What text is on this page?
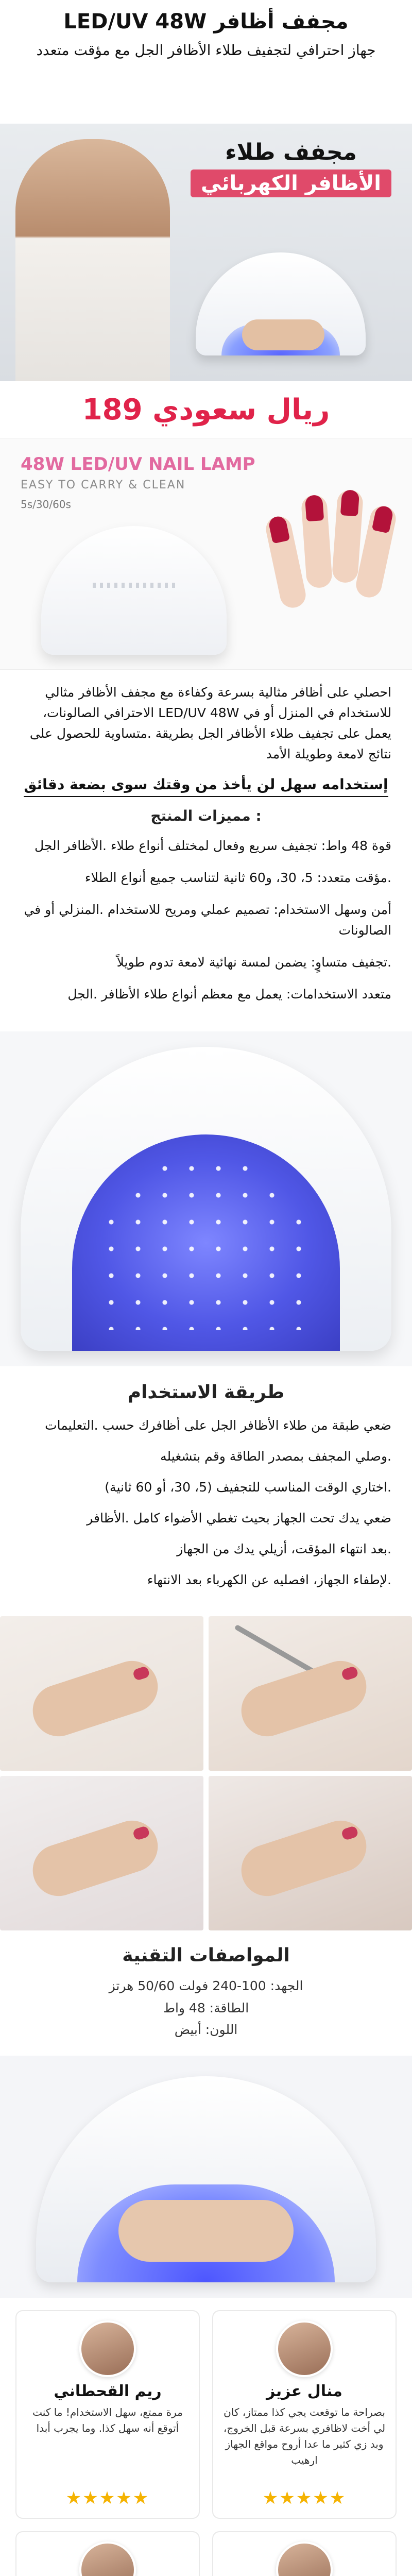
مجفف أظافر LED/UV 48W

جهاز احترافي لتجفيف طلاء الأظافر الجل مع مؤقت متعدد

مجفف طلاء
الأظافر الكهربائي
ريال سعودي 189
48W LED/UV NAIL LAMP
EASY TO CARRY & CLEAN
5s/30/60s

احصلي على أظافر مثالية بسرعة وكفاءة مع مجفف الأظافر مثالي للاستخدام في المنزل أو في LED/UV 48W الاحترافي الصالونات، يعمل على تجفيف طلاء الأظافر الجل بطريقة .متساوية للحصول على نتائج لامعة وطويلة الأمد

إستخدامه سهل لن يأخذ من وقتك سوى بضعة دقائق
: مميزات المنتج

قوة 48 واط: تجفيف سريع وفعال لمختلف أنواع طلاء .الأظافر الجل

.مؤقت متعدد: 5، 30، و60 ثانية لتناسب جميع أنواع الطلاء

أمن وسهل الاستخدام: تصميم عملي ومريح للاستخدام .المنزلي أو في الصالونات

.تجفيف متساوٍ: يضمن لمسة نهائية لامعة تدوم طويلاً

متعدد الاستخدامات: يعمل مع معظم أنواع طلاء الأظافر .الجل

طريقة الاستخدام

ضعي طبقة من طلاء الأظافر الجل على أظافرك حسب .التعليمات

.وصلي المجفف بمصدر الطاقة وقم بتشغيله

.اختاري الوقت المناسب للتجفيف (5، 30، أو 60 ثانية)

ضعي يدك تحت الجهاز بحيث تغطي الأضواء كامل .الأظافر

.بعد انتهاء المؤقت، أزيلي يدك من الجهاز

.لإطفاء الجهاز، افصليه عن الكهرباء بعد الانتهاء

المواصفات التقنية
الجهد: 100-240 فولت 50/60 هرتز
الطاقة: 48 واط
اللون: أبيض
منال عزيز
بصراحة ما توقعت يجي كذا ممتاز، كان لي أخت لاظافري بسرعة قبل الخروج، وبد زي كثير ما عدا أروح مواقع الجهاز ارهيب
★★★★★
ريم القحطاني
مرة ممتع، سهل الاستخدام! ما كنت أتوقع أنه سهل كذا. وما يجرب أبدا
★★★★★
